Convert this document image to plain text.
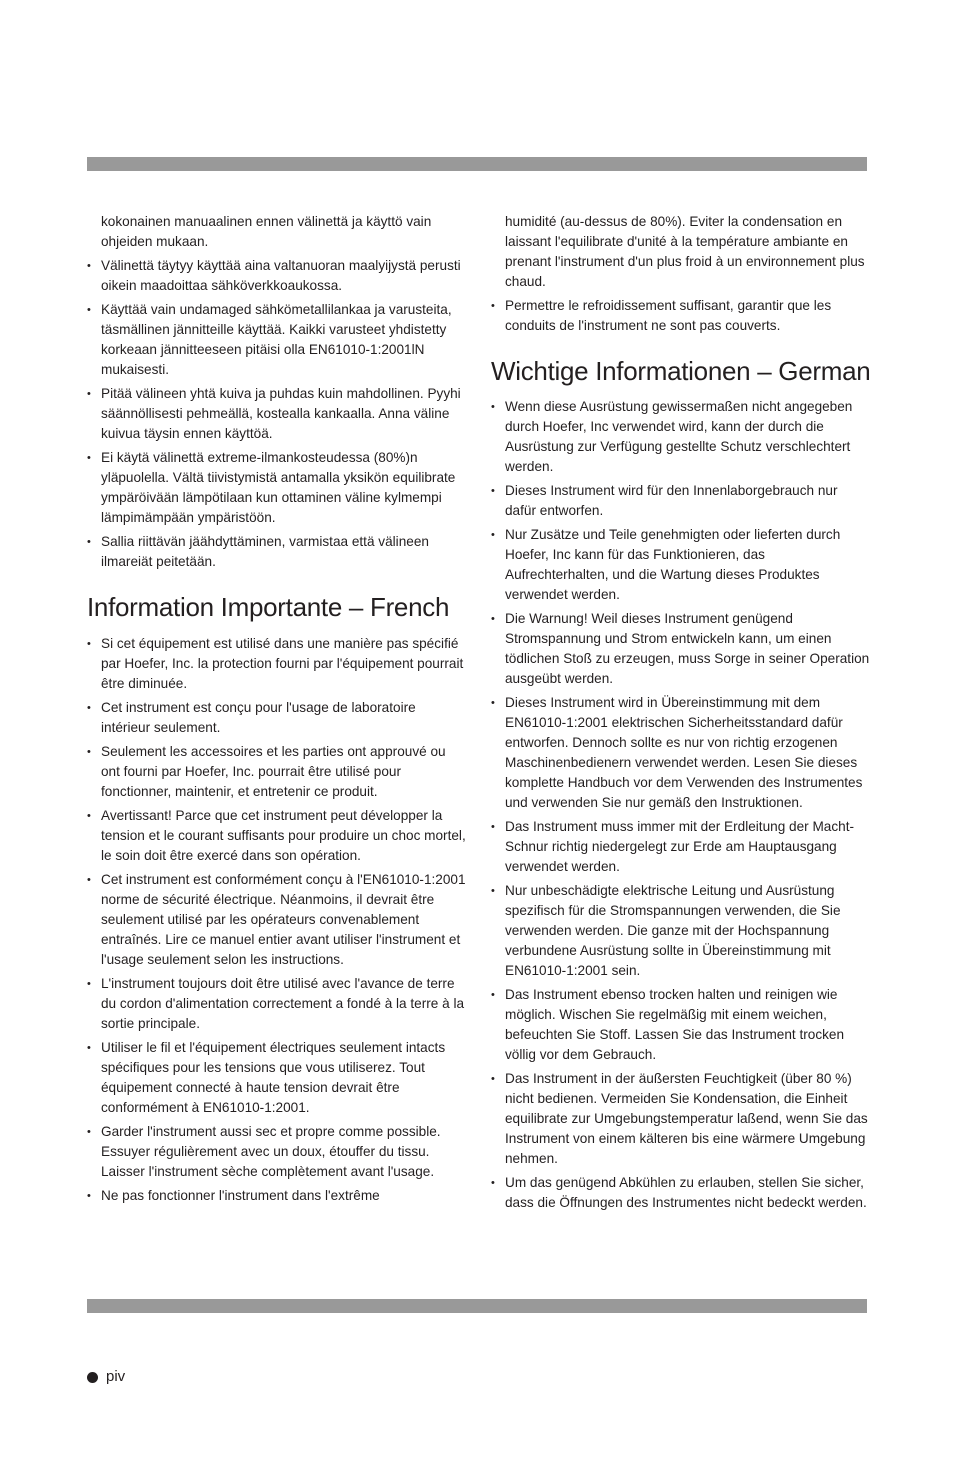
kokonainen manuaalinen ennen välinettä ja käyttö vain ohjeiden mukaan.

• Välinettä täytyy käyttää aina valtanuoran maalyijystä perusti oikein maadoittaa sähköverkkoaukossa.
• Käyttää vain undamaged sähkömetallilankaa ja varusteita, täsmällinen jännitteille käyttää. Kaikki varusteet yhdistetty korkeaan jännitteeseen pitäisi olla EN61010-1:2001lN mukaisesti.
• Pitää välineen yhtä kuiva ja puhdas kuin mahdollinen. Pyyhi säännöllisesti pehmeällä, kostealla kankaalla. Anna väline kuivua täysin ennen käyttöä.
• Ei käytä välinettä extreme-ilmankosteudessa (80%)n yläpuolella. Vältä tiivistymistä antamalla yksikön equilibrate ympäröivään lämpötilaan kun ottaminen väline kylmempi lämpimämpään ympäristöön.
• Sallia riittävän jäähdyttäminen, varmistaa että välineen ilmareiät peitetään.
Information Importante – French
• Si cet équipement est utilisé dans une manière pas spécifié par Hoefer, Inc. la protection fourni par l'équipement pourrait être diminuée.
• Cet instrument est conçu pour l'usage de laboratoire intérieur seulement.
• Seulement les accessoires et les parties ont approuvé ou ont fourni par Hoefer, Inc. pourrait être utilisé pour fonctionner, maintenir, et entretenir ce produit.
• Avertissant! Parce que cet instrument peut développer la tension et le courant suffisants pour produire un choc mortel, le soin doit être exercé dans son opération.
• Cet instrument est conformément conçu à l'EN61010-1:2001 norme de sécurité électrique. Néanmoins, il devrait être seulement utilisé par les opérateurs convenablement entraînés. Lire ce manuel entier avant utiliser l'instrument et l'usage seulement selon les instructions.
• L'instrument toujours doit être utilisé avec l'avance de terre du cordon d'alimentation correctement a fondé à la terre à la sortie principale.
• Utiliser le fil et l'équipement électriques seulement intacts spécifiques pour les tensions que vous utiliserez. Tout équipement connecté à haute tension devrait être conformément à EN61010-1:2001.
• Garder l'instrument aussi sec et propre comme possible. Essuyer régulièrement avec un doux, étouffer du tissu. Laisser l'instrument sèche complètement avant l'usage.
• Ne pas fonctionner l'instrument dans l'extrême

humidité (au-dessus de 80%). Eviter la condensation en laissant l'equilibrate d'unité à la température ambiante en prenant l'instrument d'un plus froid à un environnement plus chaud.

• Permettre le refroidissement suffisant, garantir que les conduits de l'instrument ne sont pas couverts.
Wichtige Informationen – German
• Wenn diese Ausrüstung gewissermaßen nicht angegeben durch Hoefer, Inc verwendet wird, kann der durch die Ausrüstung zur Verfügung gestellte Schutz verschlechtert werden.
• Dieses Instrument wird für den Innenlaborgebrauch nur dafür entworfen.
• Nur Zusätze und Teile genehmigten oder lieferten durch Hoefer, Inc kann für das Funktionieren, das Aufrechterhalten, und die Wartung dieses Produktes verwendet werden.
• Die Warnung! Weil dieses Instrument genügend Stromspannung und Strom entwickeln kann, um einen tödlichen Stoß zu erzeugen, muss Sorge in seiner Operation ausgeübt werden.
• Dieses Instrument wird in Übereinstimmung mit dem EN61010-1:2001 elektrischen Sicherheitsstandard dafür entworfen. Dennoch sollte es nur von richtig erzogenen Maschinenbedienern verwendet werden. Lesen Sie dieses komplette Handbuch vor dem Verwenden des Instrumentes und verwenden Sie nur gemäß den Instruktionen.
• Das Instrument muss immer mit der Erdleitung der Macht-Schnur richtig niedergelegt zur Erde am Hauptausgang verwendet werden.
• Nur unbeschädigte elektrische Leitung und Ausrüstung spezifisch für die Stromspannungen verwenden, die Sie verwenden werden. Die ganze mit der Hochspannung verbundene Ausrüstung sollte in Übereinstimmung mit EN61010-1:2001 sein.
• Das Instrument ebenso trocken halten und reinigen wie möglich. Wischen Sie regelmäßig mit einem weichen, befeuchten Sie Stoff. Lassen Sie das Instrument trocken völlig vor dem Gebrauch.
• Das Instrument in der äußersten Feuchtigkeit (über 80 %) nicht bedienen. Vermeiden Sie Kondensation, die Einheit equilibrate zur Umgebungstemperatur laßend, wenn Sie das Instrument von einem kälteren bis eine wärmere Umgebung nehmen.
• Um das genügend Abkühlen zu erlauben, stellen Sie sicher, dass die Öffnungen des Instrumentes nicht bedeckt werden.
piv
